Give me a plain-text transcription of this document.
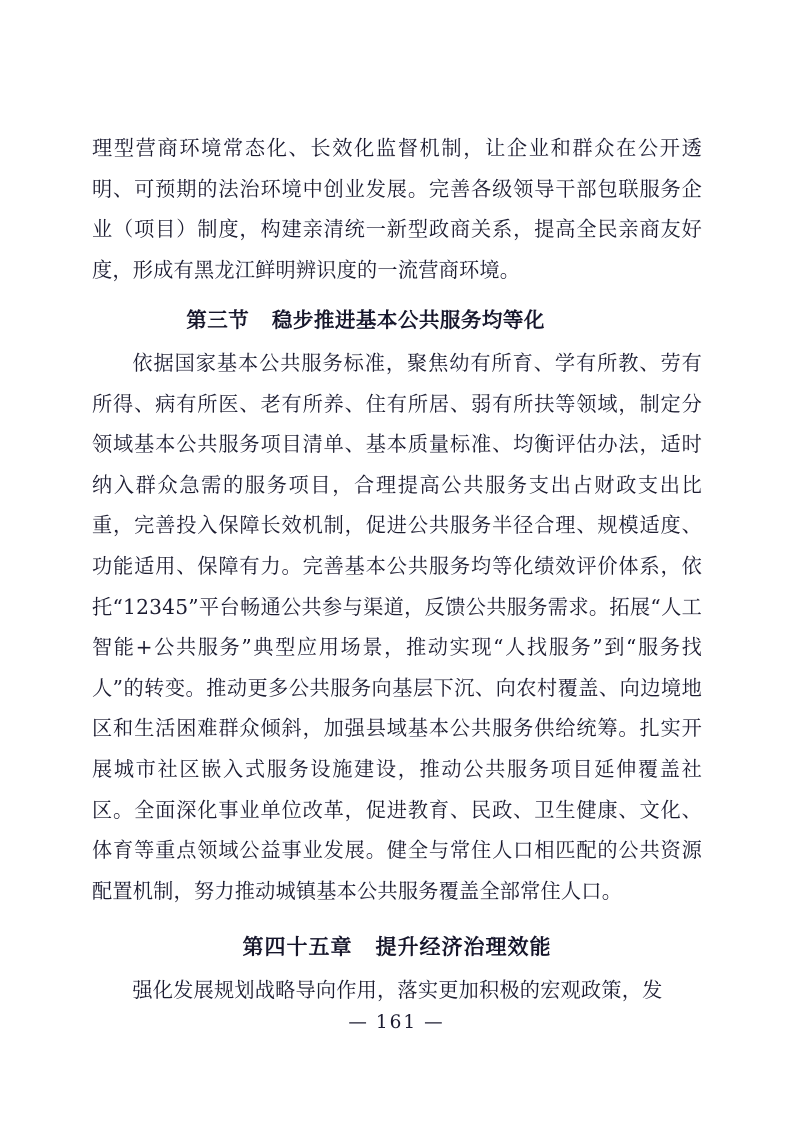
理型营商环境常态化、长效化监督机制，让企业和群众在公开透明、可预期的法治环境中创业发展。完善各级领导干部包联服务企业（项目）制度，构建亲清统一新型政商关系，提高全民亲商友好度，形成有黑龙江鲜明辨识度的一流营商环境。

第三节 稳步推进基本公共服务均等化

依据国家基本公共服务标准，聚焦幼有所育、学有所教、劳有所得、病有所医、老有所养、住有所居、弱有所扶等领域，制定分领域基本公共服务项目清单、基本质量标准、均衡评估办法，适时纳入群众急需的服务项目，合理提高公共服务支出占财政支出比重，完善投入保障长效机制，促进公共服务半径合理、规模适度、功能适用、保障有力。完善基本公共服务均等化绩效评价体系，依托“12345”平台畅通公共参与渠道，反馈公共服务需求。拓展“人工智能+公共服务”典型应用场景，推动实现“人找服务”到“服务找人”的转变。推动更多公共服务向基层下沉、向农村覆盖、向边境地区和生活困难群众倾斜，加强县域基本公共服务供给统筹。扎实开展城市社区嵌入式服务设施建设，推动公共服务项目延伸覆盖社区。全面深化事业单位改革，促进教育、民政、卫生健康、文化、体育等重点领域公益事业发展。健全与常住人口相匹配的公共资源配置机制，努力推动城镇基本公共服务覆盖全部常住人口。

第四十五章 提升经济治理效能

强化发展规划战略导向作用，落实更加积极的宏观政策，发

— 161 —
